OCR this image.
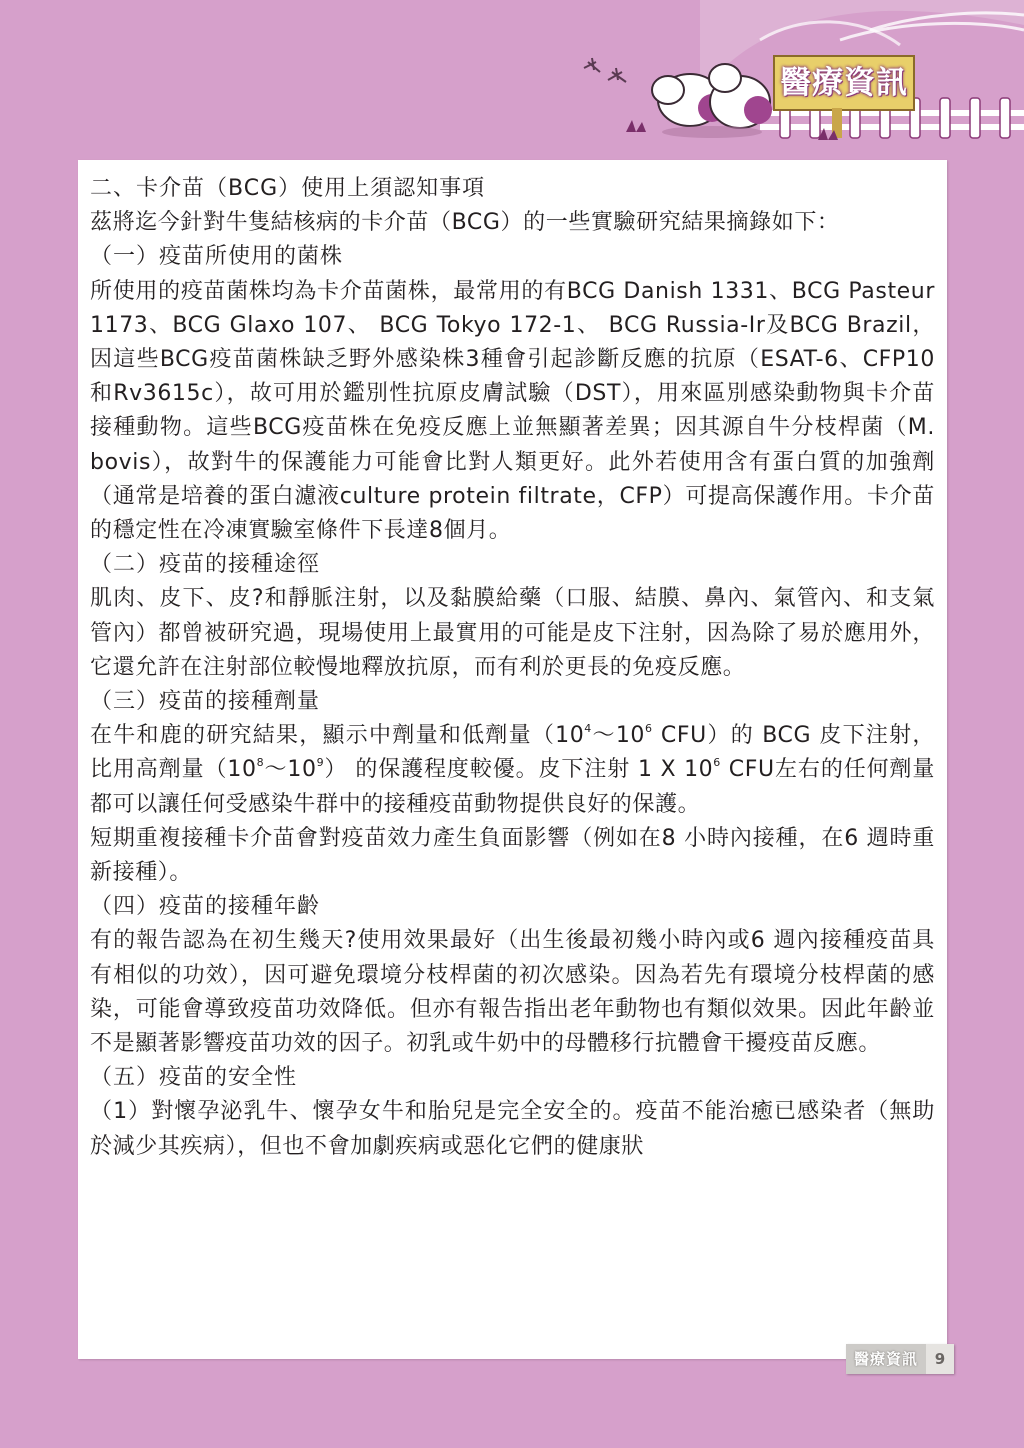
醫療資訊

二、卡介苗（BCG）使用上須認知事項

茲將迄今針對牛隻結核病的卡介苗（BCG）的一些實驗研究結果摘錄如下：

（一）疫苗所使用的菌株

所使用的疫苗菌株均為卡介苗菌株，最常用的有BCG Danish 1331、BCG Pasteur 1173、BCG Glaxo 107、 BCG Tokyo 172-1、 BCG Russia-Ir及BCG Brazil，因這些BCG疫苗菌株缺乏野外感染株3種會引起診斷反應的抗原（ESAT-6、CFP10 和Rv3615c），故可用於鑑別性抗原皮膚試驗（DST），用來區別感染動物與卡介苗接種動物。這些BCG疫苗株在免疫反應上並無顯著差異；因其源自牛分枝桿菌（M. bovis），故對牛的保護能力可能會比對人類更好。此外若使用含有蛋白質的加強劑（通常是培養的蛋白濾液culture protein filtrate，CFP）可提高保護作用。卡介苗的穩定性在冷凍實驗室條件下長達8個月。

（二）疫苗的接種途徑

肌肉、皮下、皮?和靜脈注射，以及黏膜給藥（口服、結膜、鼻內、氣管內、和支氣管內）都曾被研究過，現場使用上最實用的可能是皮下注射，因為除了易於應用外，它還允許在注射部位較慢地釋放抗原，而有利於更長的免疫反應。

（三）疫苗的接種劑量

在牛和鹿的研究結果，顯示中劑量和低劑量（$10^4\sim 10^6$ CFU）的 BCG 皮下注射，比用高劑量$(10^8\sim 10^9)$ 的保護程度較優。皮下注射 1 X $10^6$ CFU左右的任何劑量都可以讓任何受感染牛群中的接種疫苗動物提供良好的保護。

短期重複接種卡介苗會對疫苗效力產生負面影響（例如在8 小時內接種，在6 週時重新接種）。

（四）疫苗的接種年齡

有的報告認為在初生幾天?使用效果最好（出生後最初幾小時內或6 週內接種疫苗具有相似的功效），因可避免環境分枝桿菌的初次感染。因為若先有環境分枝桿菌的感染，可能會導致疫苗功效降低。但亦有報告指出老年動物也有類似效果。因此年齡並不是顯著影響疫苗功效的因子。初乳或牛奶中的母體移行抗體會干擾疫苗反應。

（五）疫苗的安全性

（1）對懷孕泌乳牛、懷孕女牛和胎兒是完全安全的。疫苗不能治癒已感染者（無助於減少其疾病），但也不會加劇疾病或惡化它們的健康狀

醫療資訊	9
